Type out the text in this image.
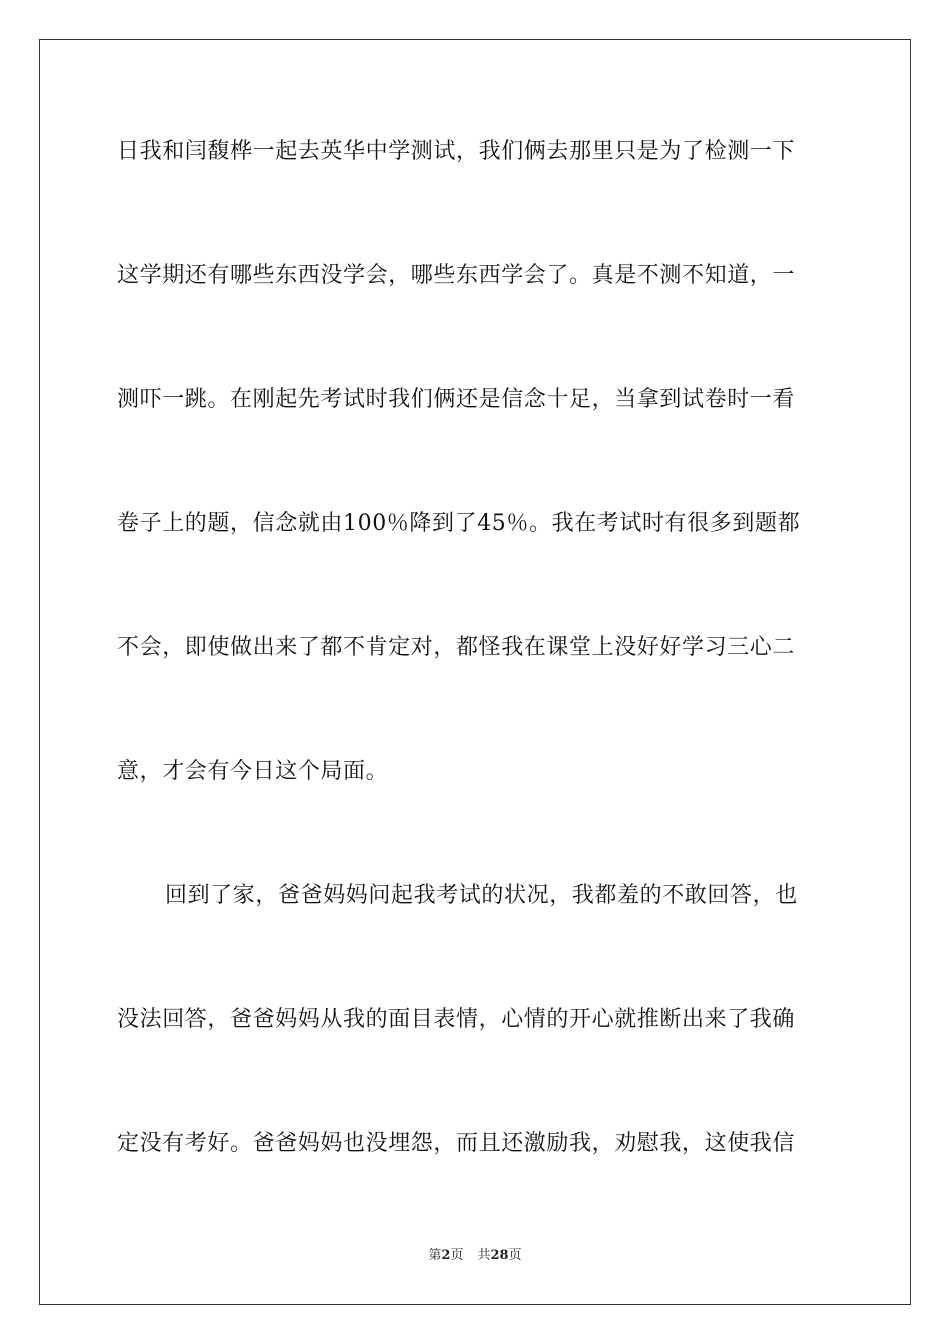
日我和闫馥桦一起去英华中学测试，我们俩去那里只是为了检测一下
这学期还有哪些东西没学会，哪些东西学会了。真是不测不知道，一
测吓一跳。在刚起先考试时我们俩还是信念十足，当拿到试卷时一看
卷子上的题，信念就由100％降到了45％。我在考试时有很多到题都
不会，即使做出来了都不肯定对，都怪我在课堂上没好好学习三心二
意，才会有今日这个局面。
回到了家，爸爸妈妈问起我考试的状况，我都羞的不敢回答，也
没法回答，爸爸妈妈从我的面目表情，心情的开心就推断出来了我确
定没有考好。爸爸妈妈也没埋怨，而且还激励我，劝慰我，这使我信
第2页 共28页
